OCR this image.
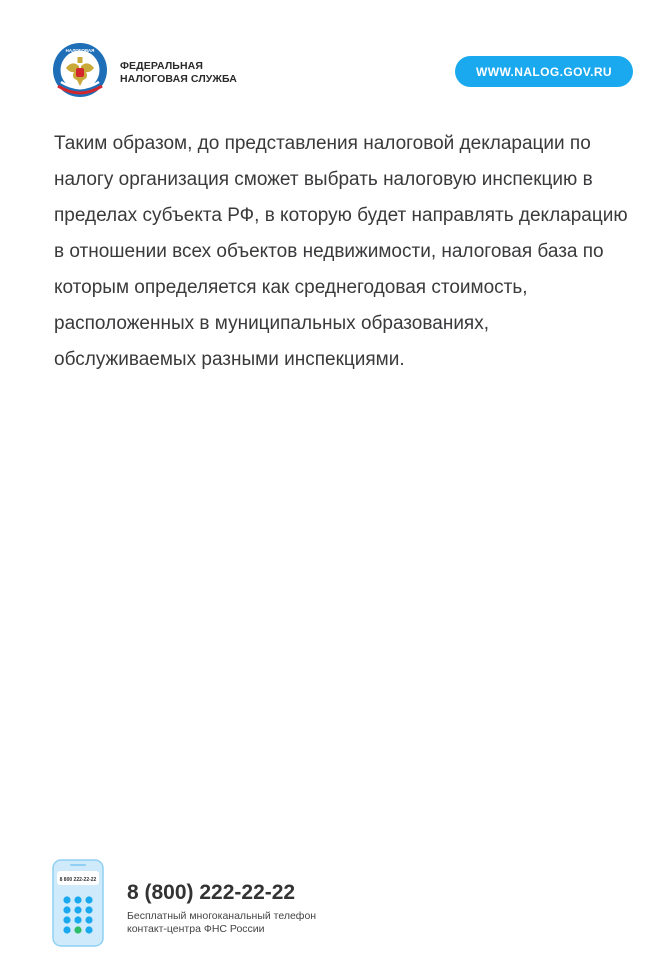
НАЛОГОВАЯ
ФЕДЕРАЛЬНАЯ
НАЛОГОВАЯ СЛУЖБА	WWW.NALOG.GOV.RU

Таким образом, до представления налоговой декларации по налогу организация сможет выбрать налоговую инспекцию в пределах субъекта РФ, в которую будет направлять декларацию в отношении всех объектов недвижимости, налоговая база по которым определяется как среднегодовая стоимость, расположенных в муниципальных образованиях, обслуживаемых разными инспекциями.

8 800 222-22-22
8 (800) 222-22-22
Бесплатный многоканальный телефон
контакт-центра ФНС России
